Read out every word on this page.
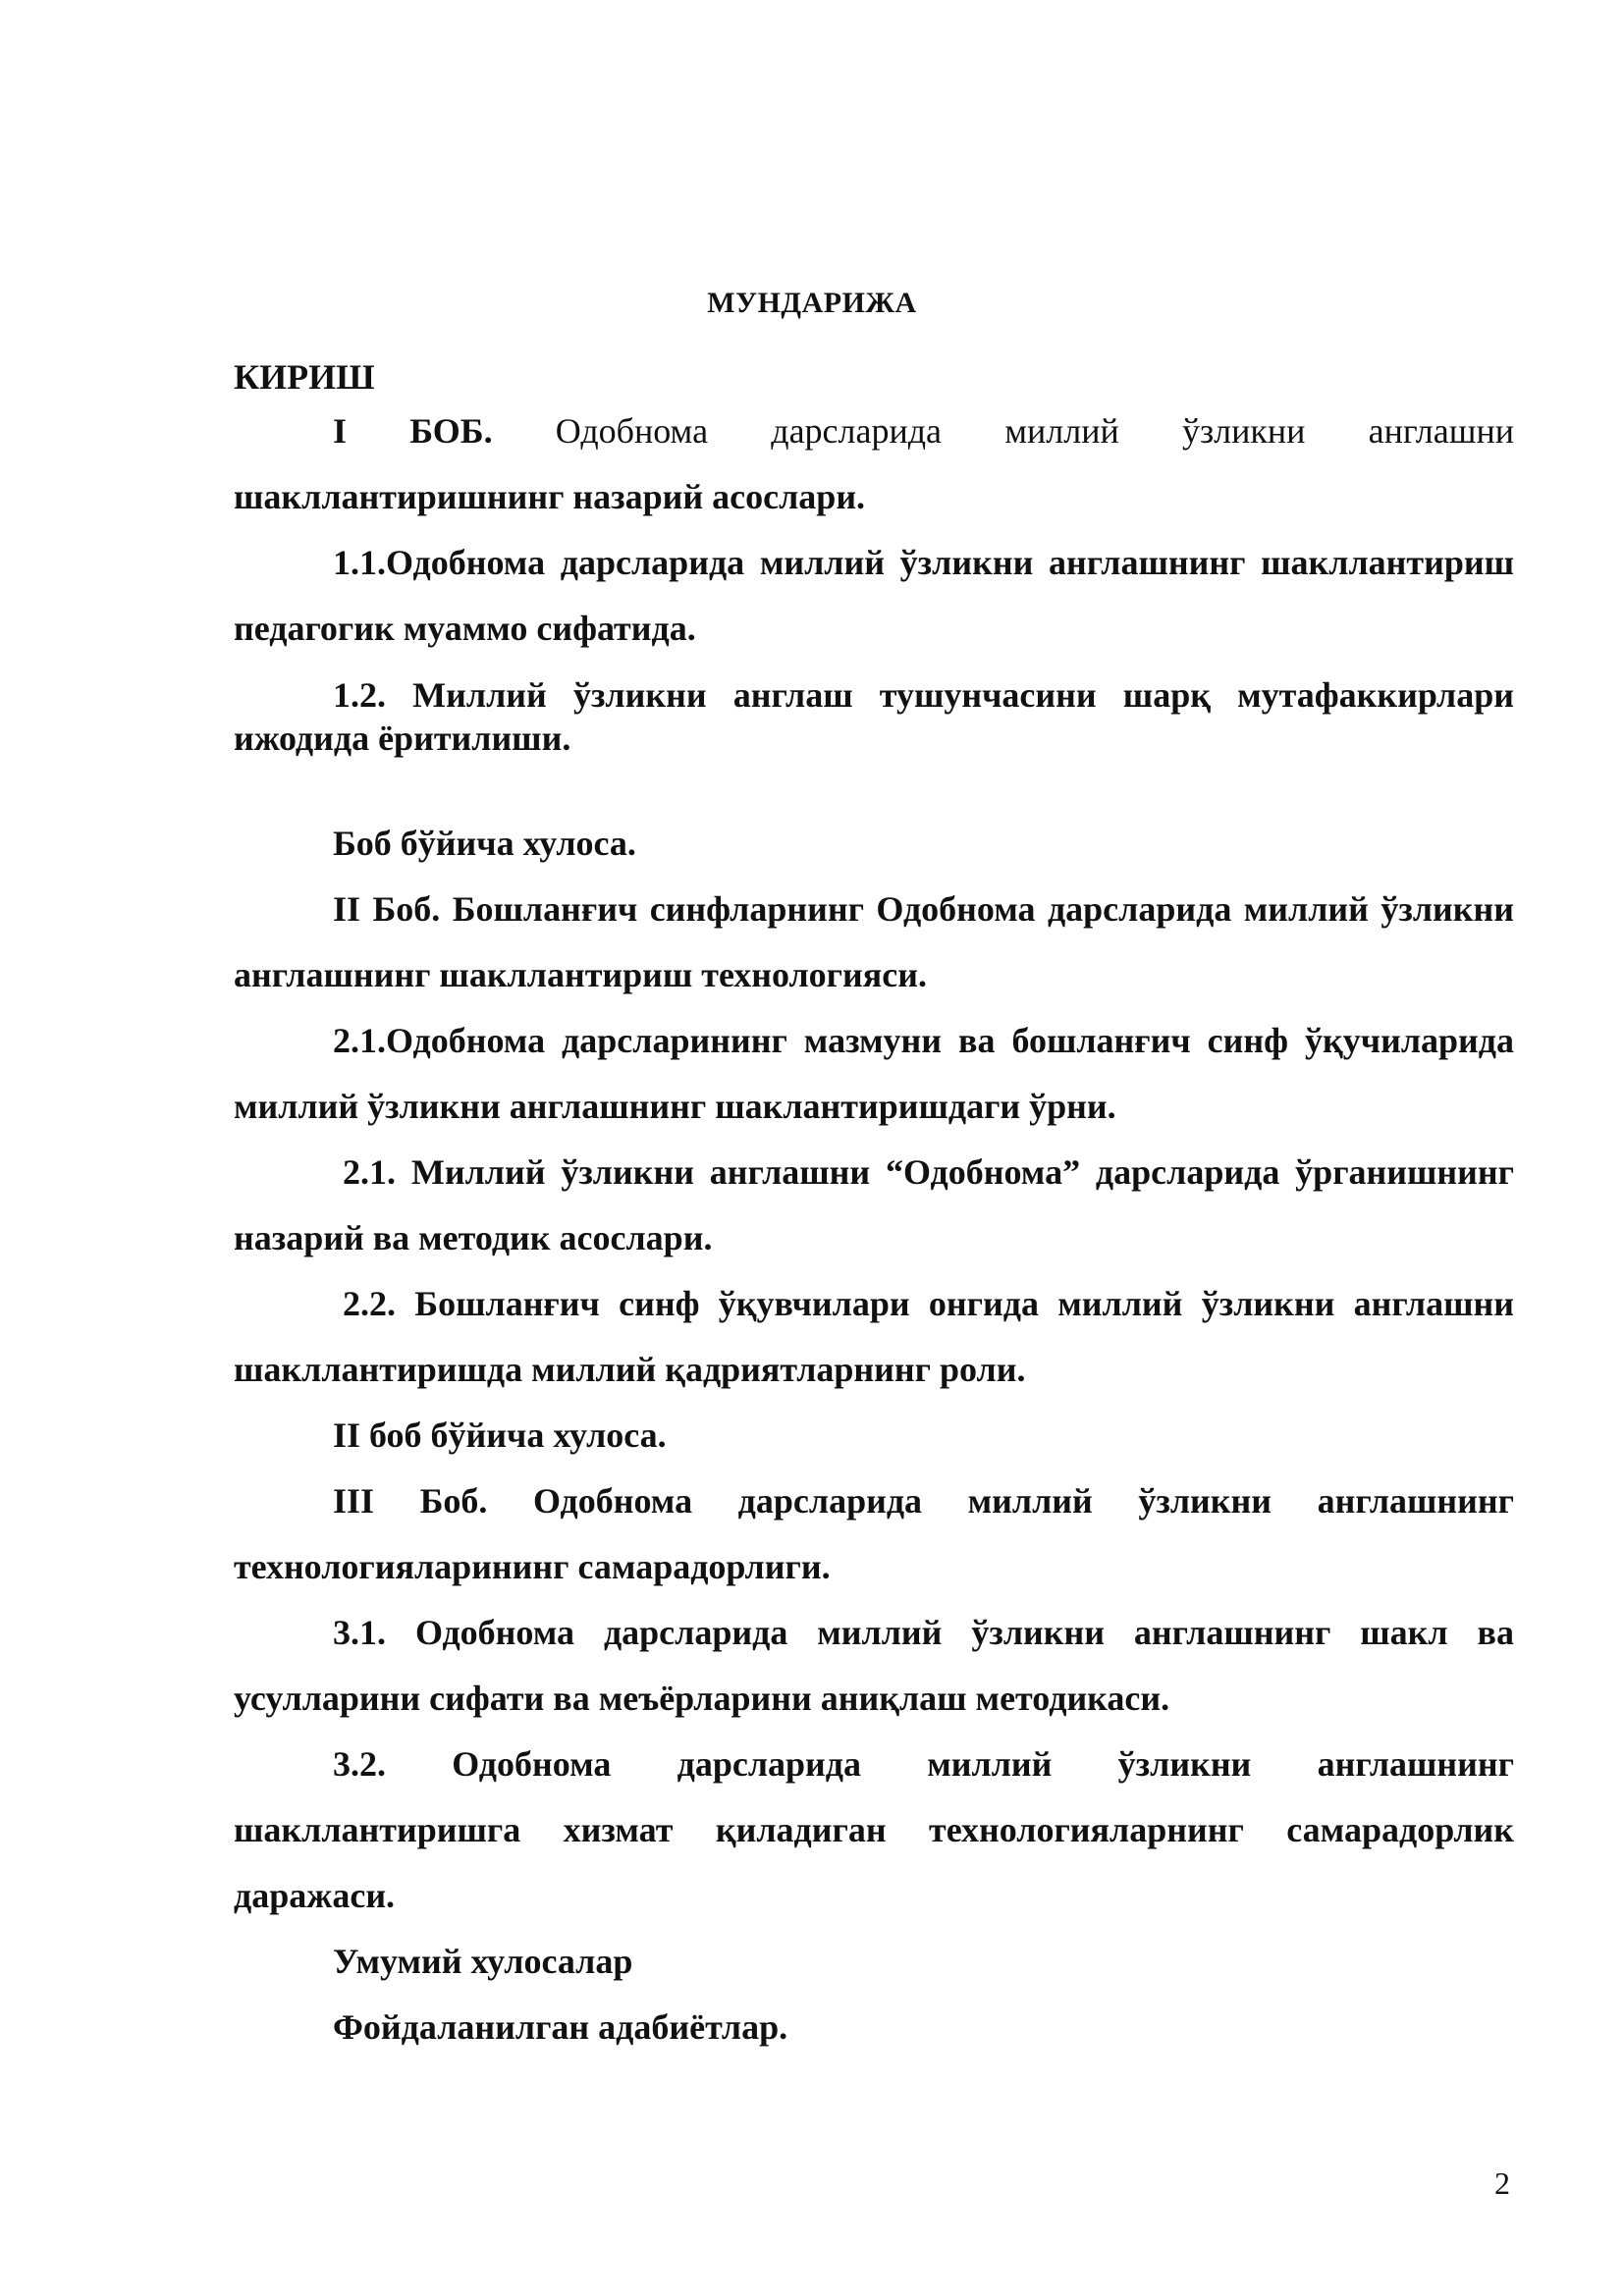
МУНДАРИЖА

КИРИШ

I БОБ. Одобнома дарсларида миллий ўзликни англашни шакллантиришнинг назарий асослари.

1.1.Одобнома дарсларида миллий ўзликни англашнинг шакллантириш педагогик муаммо сифатида.

1.2. Миллий ўзликни англаш тушунчасини шарқ мутафаккирлари ижодида ёритилиши.

Боб бўйича хулоса.

II Боб. Бошланғич синфларнинг Одобнома дарсларида миллий ўзликни англашнинг шакллантириш технологияси.

2.1.Одобнома дарсларининг мазмуни ва бошланғич синф ўқучиларида миллий ўзликни англашнинг шаклантиришдаги ўрни.

2.1. Миллий ўзликни англашни “Одобнома” дарсларида ўрганишнинг назарий ва методик асослари.

2.2. Бошланғич синф ўқувчилари онгида миллий ўзликни англашни шакллантиришда миллий қадриятларнинг роли.

II боб бўйича хулоса.

III Боб. Одобнома дарсларида миллий ўзликни англашнинг технологияларининг самарадорлиги.

3.1. Одобнома дарсларида миллий ўзликни англашнинг шакл ва усулларини сифати ва меъёрларини аниқлаш методикаси.

3.2. Одобнома дарсларида миллий ўзликни англашнинг шакллантиришга хизмат қиладиган технологияларнинг самарадорлик даражаси.

Умумий хулосалар

Фойдаланилган адабиётлар.

2
